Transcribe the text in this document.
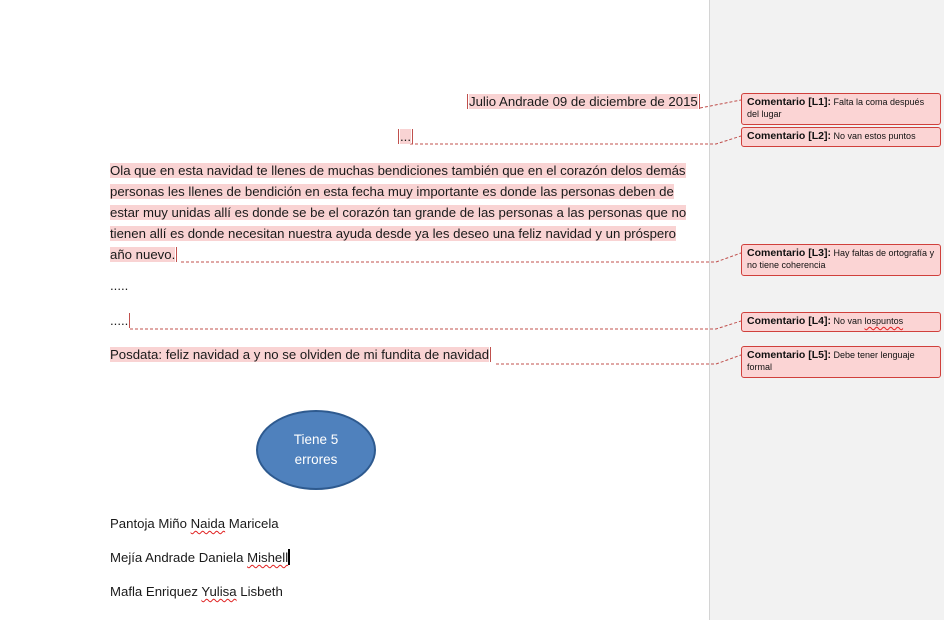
Julio Andrade 09 de diciembre de 2015
...
Ola que en esta navidad te llenes de muchas bendiciones también que en el corazón delos demás
personas les llenes de bendición en esta fecha muy importante es donde las personas deben de
estar muy unidas allí es donde se be el corazón tan grande de las personas a las personas que no
tienen allí es donde necesitan nuestra ayuda desde ya les deseo una feliz navidad y un próspero
año nuevo.
.....
.....
Posdata: feliz navidad a y no se olviden de mi fundita de navidad
Tiene 5 errores
Pantoja Miño Naida Maricela
Mejía Andrade Daniela Mishell
Mafla Enriquez Yulisa Lisbeth
Comentario [L1]: Falta la coma después del lugar
Comentario [L2]: No van estos puntos
Comentario [L3]: Hay faltas de ortografía y no tiene coherencia
Comentario [L4]: No van lospuntos
Comentario [L5]: Debe tener lenguaje formal
